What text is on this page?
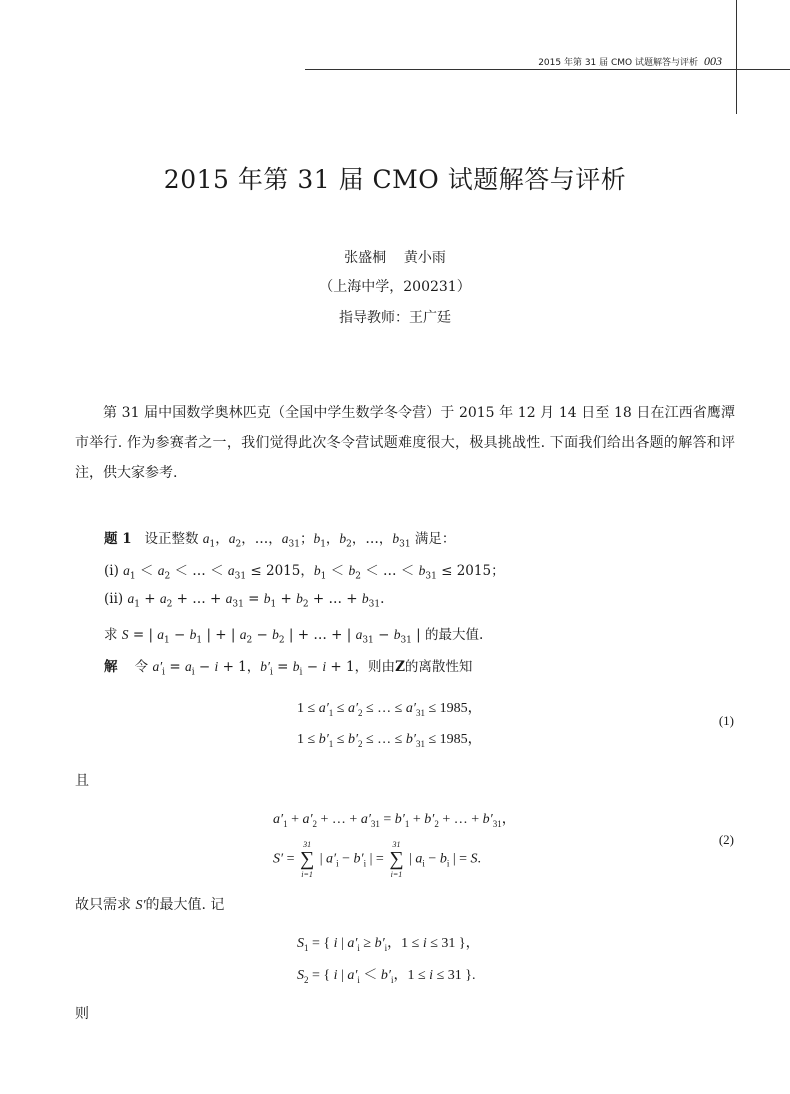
2015 年第 31 届 CMO 试题解答与评析 003
2015 年第 31 届 CMO 试题解答与评析
张盛桐    黄小雨
（上海中学，200231）
指导教师：王广廷
第 31 届中国数学奥林匹克（全国中学生数学冬令营）于 2015 年 12 月 14 日至 18 日在江西省鹰潭市举行. 作为参赛者之一，我们觉得此次冬令营试题难度很大，极具挑战性. 下面我们给出各题的解答和评注，供大家参考.
题 1 设正整数 $a_1$，$a_2$，…，$a_{31}$；$b_1$，$b_2$，…，$b_{31}$ 满足：
(i) $a_1 < a_2$ ＜ … ＜ $a_{31} \le 2015$，$b_1 < b_2$ ＜ … ＜ $b_{31} \le 2015$；
(ii) $a_1 + a_2$ + … + $a_{31} = b_1 + b_2$ + … + $b_{31}$.
求 S = | $a_1 - b_1$ | + | $a_2 - b_2$ | + … + | $a_{31} - b_{31}$ | 的最大值.
解 令 $a'_i = a_i - i + 1$，$b'_i = b_i - i + 1$，则由Z的离散性知
$1 \le a'_1 \le a'_2$ ≤ … ≤ $a'_{31} \le 1985$，
$1 \le b'_1 \le b'_2$ ≤ … ≤ $b'_{31} \le 1985$，
(1)
且
$a'_1 + a'_2$ + … + $a'_{31} = b'_1 + b'_2$ + … + $b'_{31}$，
S′ = ∑
31
i=1
| $a'_i - b'_i$ | = ∑
31
i=1
| $a_i - b_i$ | = S.
(2)
故只需求 S′的最大值. 记
$S_1$ = { i | $a'_i \ge b'_i$，1 ≤ i ≤ 31 }，
$S_2$ = { i | $a'_i < b'_i$，1 ≤ i ≤ 31 }.
则
